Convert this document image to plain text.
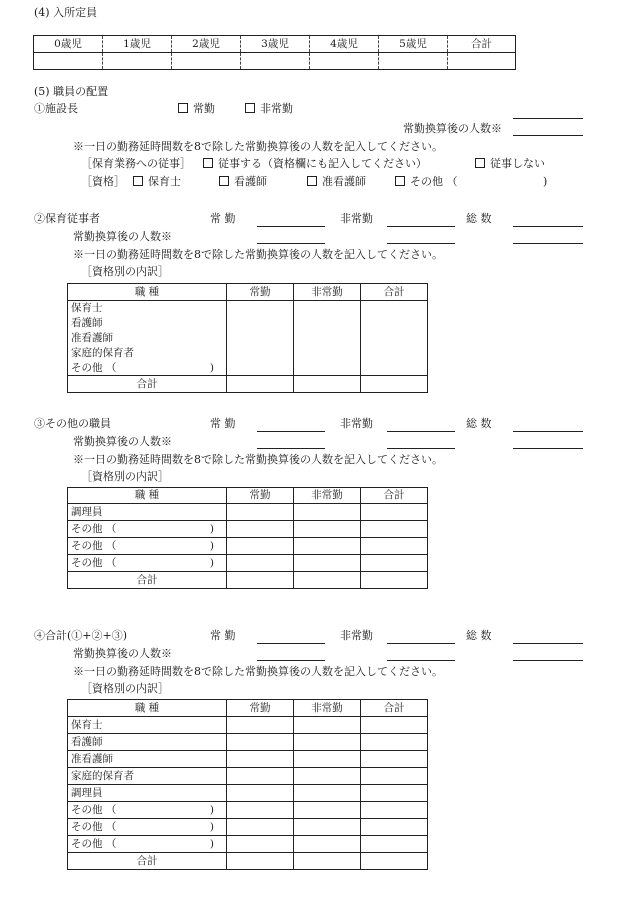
(4) 入所定員
0歳児	1歳児	2歳児	3歳児	4歳児	5歳児	合計

(5) 職員の配置
①施設長	常勤	非常勤
常勤換算後の人数※
※一日の勤務延時間数を8で除した常勤換算後の人数を記入してください。
［保育業務への従事］	従事する（資格欄にも記入してください）	従事しない
［資格］	保育士	看護師	准看護師	その他 （	)
②保育従事者	常 勤	非常勤	総 数
常勤換算後の人数※
※一日の勤務延時間数を8で除した常勤換算後の人数を記入してください。
［資格別の内訳］
職 種	常勤	非常勤	合計
保育士			
看護師			
准看護師			
家庭的保育者			

その他 （ )			

合計			
③その他の職員	常 勤	非常勤	総 数
常勤換算後の人数※
※一日の勤務延時間数を8で除した常勤換算後の人数を記入してください。
［資格別の内訳］
職 種	常勤	非常勤	合計
調理員			

その他 （ )			

その他 （ )			

その他 （ )			

合計			
④合計(①+②+③)	常 勤	非常勤	総 数
常勤換算後の人数※
※一日の勤務延時間数を8で除した常勤換算後の人数を記入してください。
［資格別の内訳］
職 種	常勤	非常勤	合計
保育士			
看護師			
准看護師			
家庭的保育者			
調理員			

その他 （ )			

その他 （ )			

その他 （ )			

合計			
